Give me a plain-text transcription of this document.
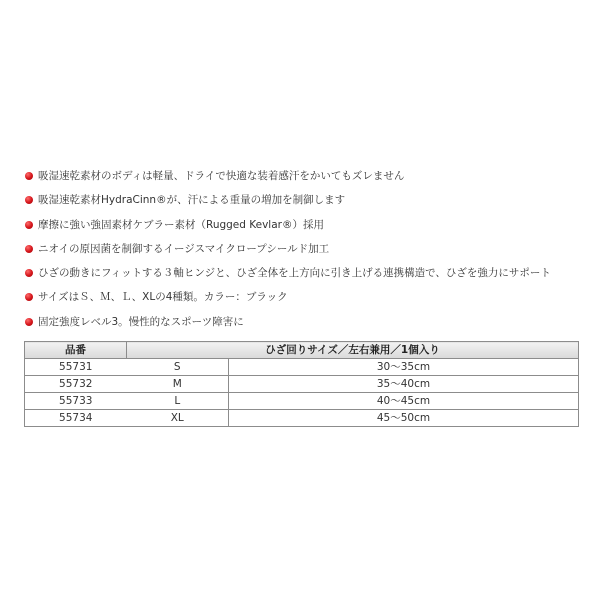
吸湿速乾素材のボディは軽量、ドライで快適な装着感汗をかいてもズレません
吸湿速乾素材HydraCinn®が、汗による重量の増加を制御します
摩擦に強い強固素材ケブラー素材（Rugged Kevlar®）採用
ニオイの原因菌を制御するイージスマイクロープシールド加工
ひざの動きにフィットする３軸ヒンジと、ひざ全体を上方向に引き上げる連携構造で、ひざを強力にサポート
サイズはＳ、Ｍ、Ｌ、XLの4種類。カラー：ブラック
固定強度レベル3。慢性的なスポーツ障害に
品番	ひざ回りサイズ／左右兼用／1個入り	
55731	S	30～35cm
55732	M	35～40cm
55733	L	40～45cm
55734	XL	45～50cm
